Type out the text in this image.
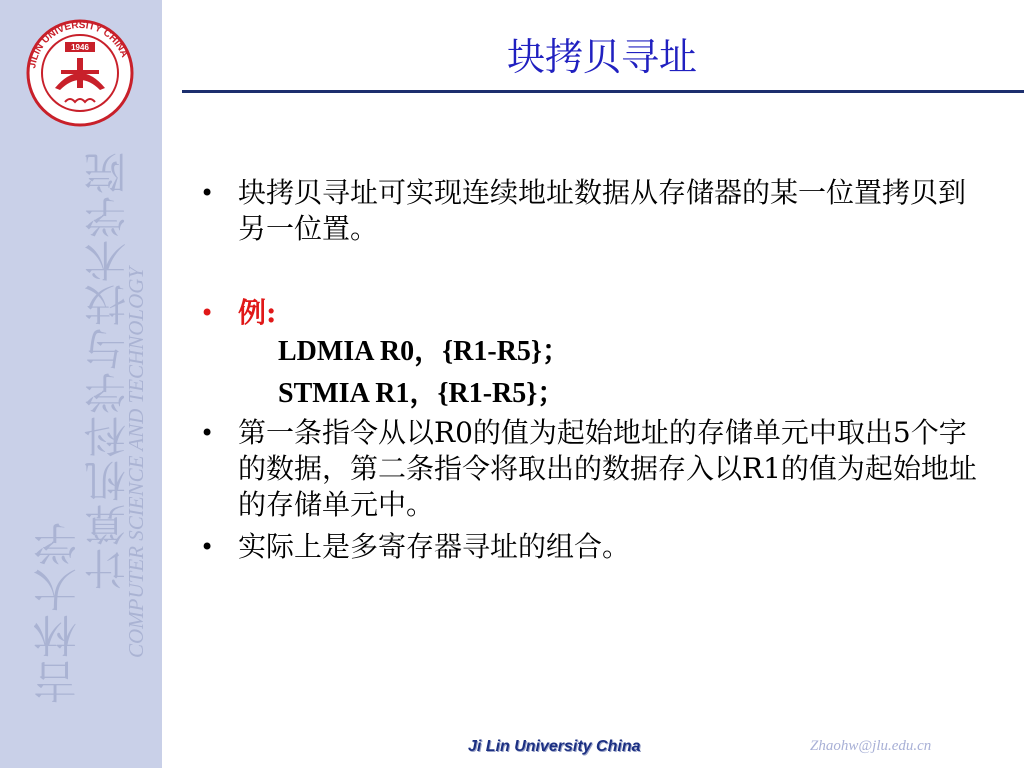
JILIN UNIVERSITY CHINA
1946
吉林大学
计算机科学与技术学院
COMPUTER SCIENCE AND TECHNOLOGY
块拷贝寻址
• 块拷贝寻址可实现连续地址数据从存储器的某一位置拷贝到另一位置。
• 例:
LDMIA R0，{R1-R5}；
STMIA R1，{R1-R5}；
• 第一条指令从以R0的值为起始地址的存储单元中取出5个字的数据，第二条指令将取出的数据存入以R1的值为起始地址的存储单元中。
• 实际上是多寄存器寻址的组合。
Ji Lin University China	Zhaohw@jlu.edu.cn
